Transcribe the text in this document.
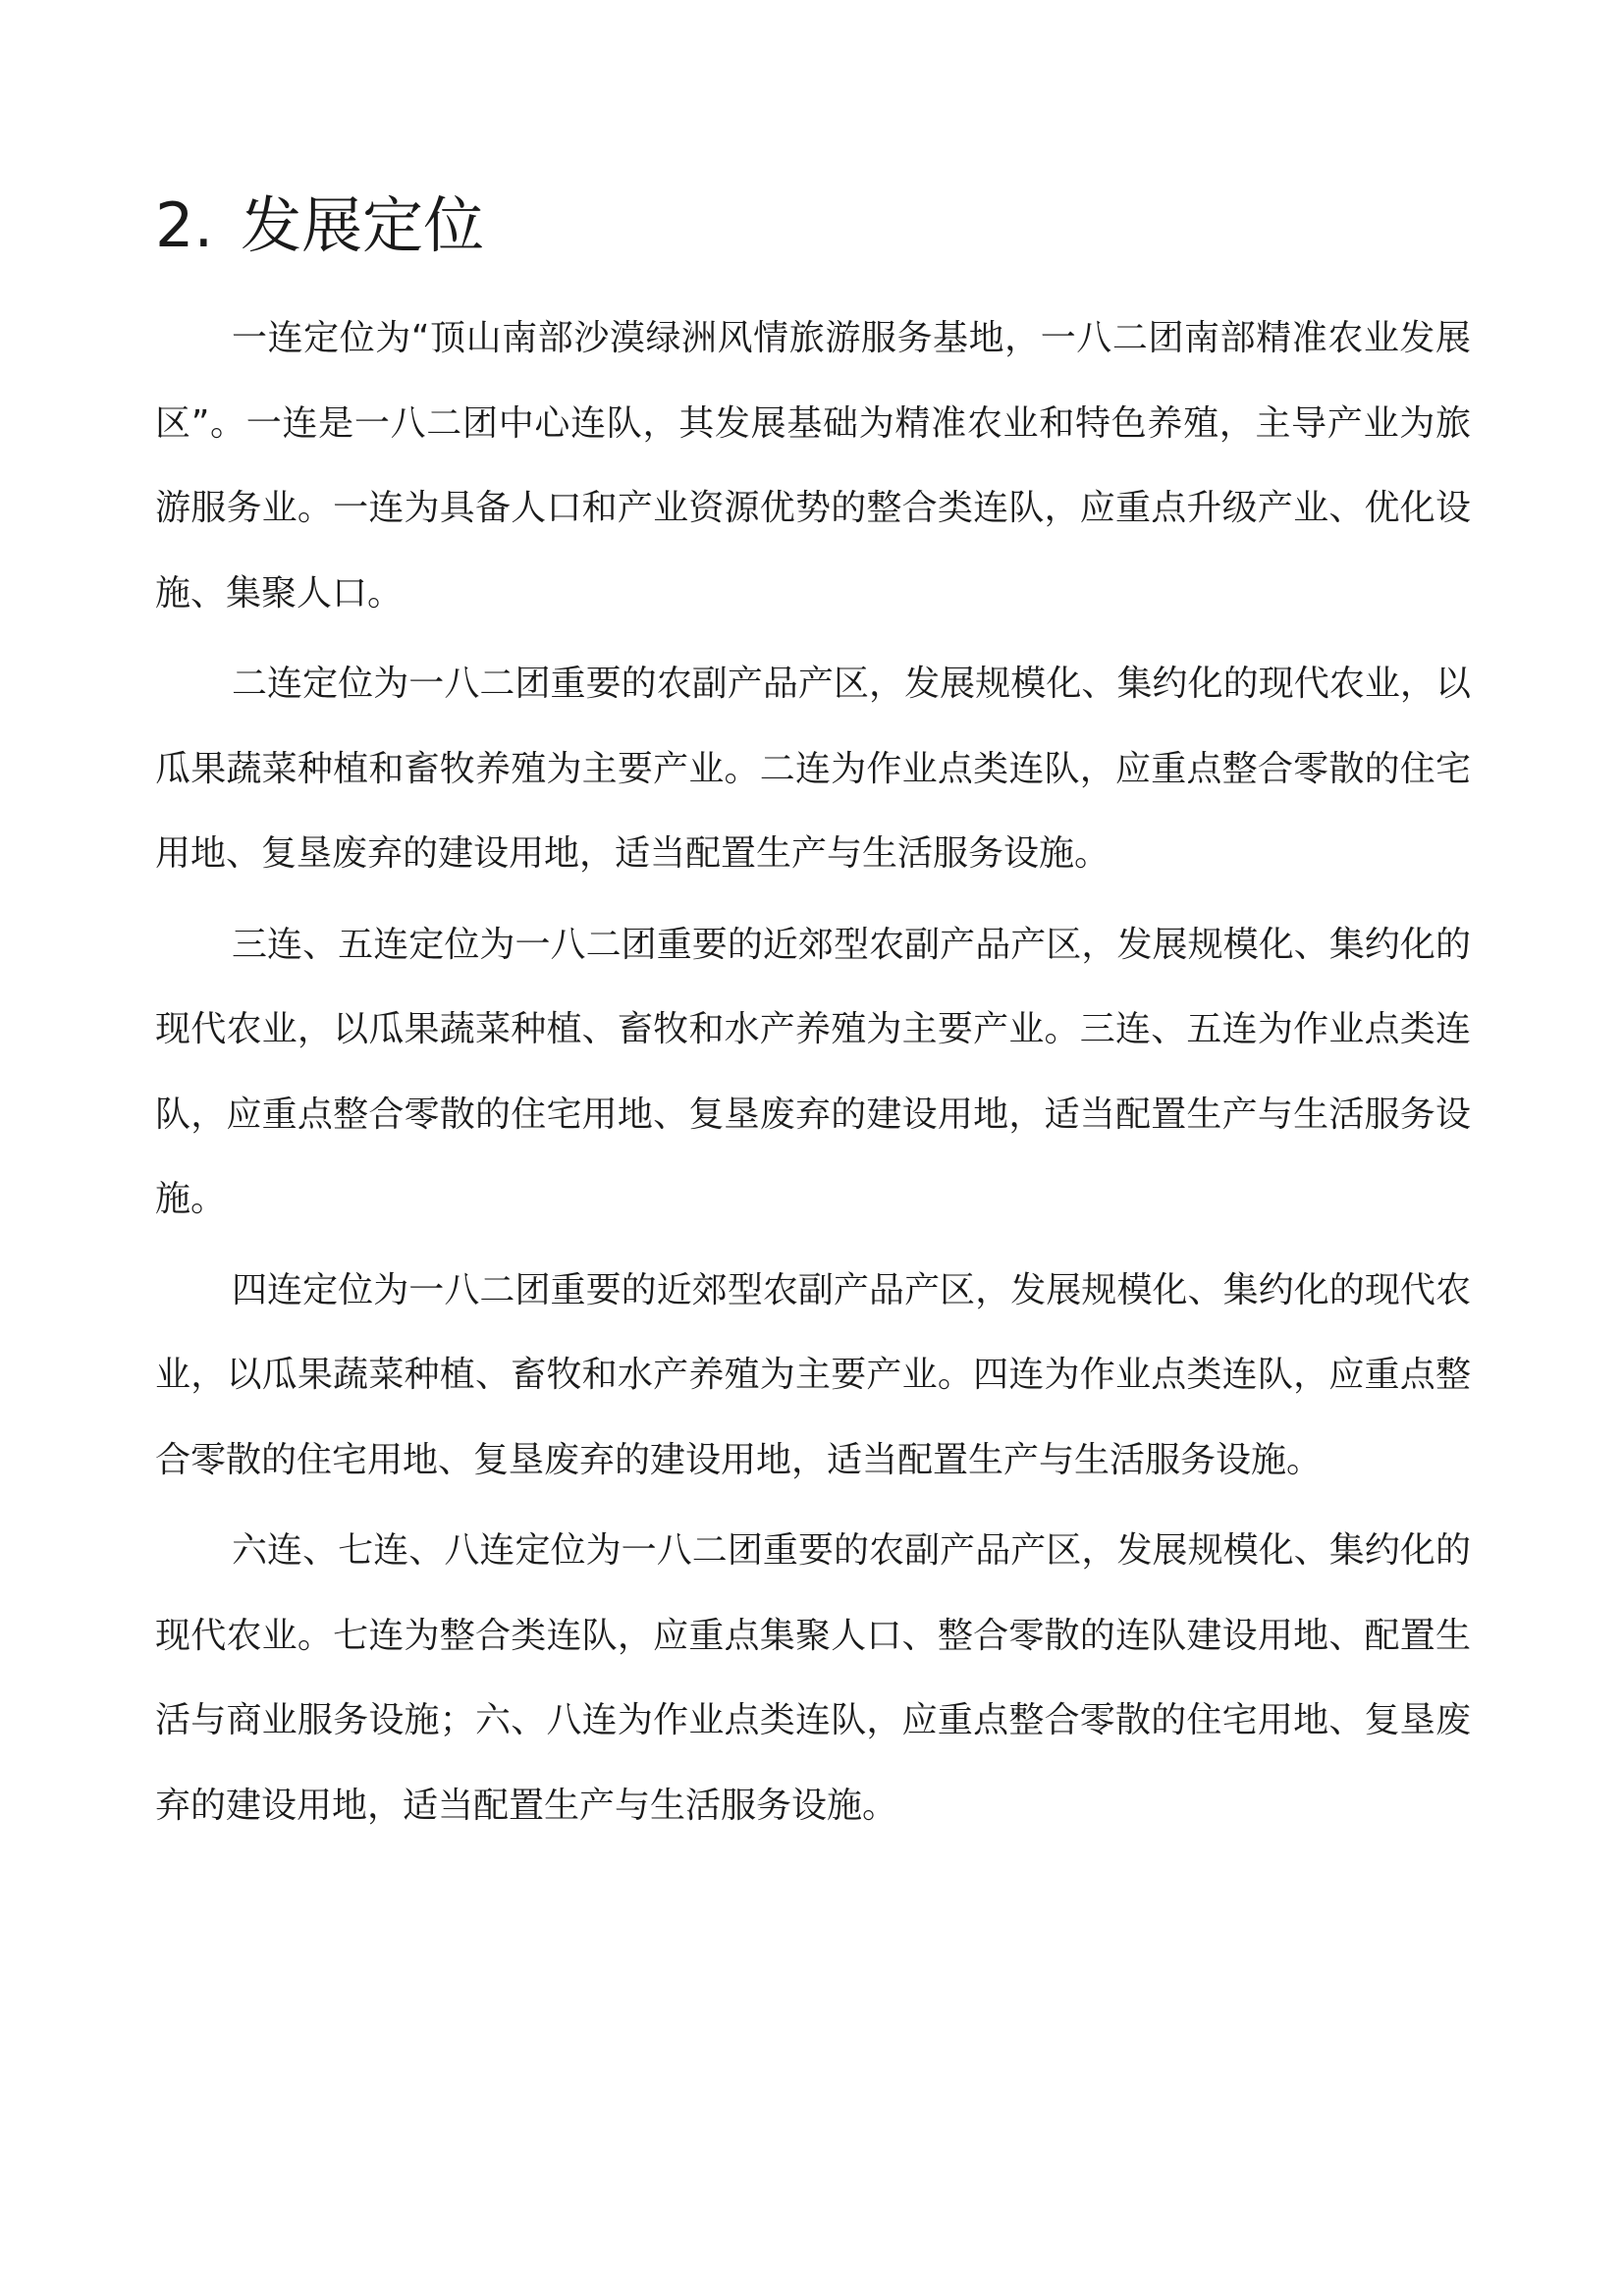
2. 发展定位

一连定位为“顶山南部沙漠绿洲风情旅游服务基地，一八二团南部精准农业发展区”。一连是一八二团中心连队，其发展基础为精准农业和特色养殖，主导产业为旅游服务业。一连为具备人口和产业资源优势的整合类连队，应重点升级产业、优化设施、集聚人口。

二连定位为一八二团重要的农副产品产区，发展规模化、集约化的现代农业，以瓜果蔬菜种植和畜牧养殖为主要产业。二连为作业点类连队，应重点整合零散的住宅用地、复垦废弃的建设用地，适当配置生产与生活服务设施。

三连、五连定位为一八二团重要的近郊型农副产品产区，发展规模化、集约化的现代农业，以瓜果蔬菜种植、畜牧和水产养殖为主要产业。三连、五连为作业点类连队，应重点整合零散的住宅用地、复垦废弃的建设用地，适当配置生产与生活服务设施。

四连定位为一八二团重要的近郊型农副产品产区，发展规模化、集约化的现代农业，以瓜果蔬菜种植、畜牧和水产养殖为主要产业。四连为作业点类连队，应重点整合零散的住宅用地、复垦废弃的建设用地，适当配置生产与生活服务设施。

六连、七连、八连定位为一八二团重要的农副产品产区，发展规模化、集约化的现代农业。七连为整合类连队，应重点集聚人口、整合零散的连队建设用地、配置生活与商业服务设施；六、八连为作业点类连队，应重点整合零散的住宅用地、复垦废弃的建设用地，适当配置生产与生活服务设施。
